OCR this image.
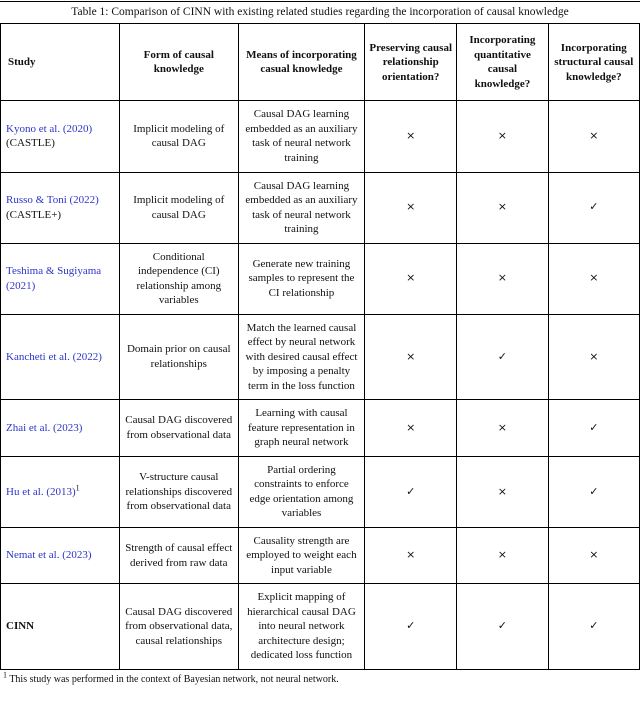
Table 1: Comparison of CINN with existing related studies regarding the incorporation of causal knowledge
Study	Form of causal knowledge	Means of incorporating casual knowledge	Preserving causal relationship orientation?	Incorporating quantitative causal knowledge?	Incorporating structural causal knowledge?
Kyono et al. (2020) (CASTLE)	Implicit modeling of causal DAG	Causal DAG learning embedded as an auxiliary task of neural network training	×	×	×
Russo & Toni (2022) (CASTLE+)	Implicit modeling of causal DAG	Causal DAG learning embedded as an auxiliary task of neural network training	×	×	✓
Teshima & Sugiyama (2021)	Conditional independence (CI) relationship among variables	Generate new training samples to represent the CI relationship	×	×	×
Kancheti et al. (2022)	Domain prior on causal relationships	Match the learned causal effect by neural network with desired causal effect by imposing a penalty term in the loss function	×	✓	×
Zhai et al. (2023)	Causal DAG discovered from observational data	Learning with causal feature representation in graph neural network	×	×	✓
Hu et al. $(2013)^1$	V-structure causal relationships discovered from observational data	Partial ordering constraints to enforce edge orientation among variables	✓	×	✓
Nemat et al. (2023)	Strength of causal effect derived from raw data	Causality strength are employed to weight each input variable	×	×	×
CINN	Causal DAG discovered from observational data, causal relationships	Explicit mapping of hierarchical causal DAG into neural network architecture design; dedicated loss function	✓	✓	✓
$^1$ This study was performed in the context of Bayesian network, not neural network.
